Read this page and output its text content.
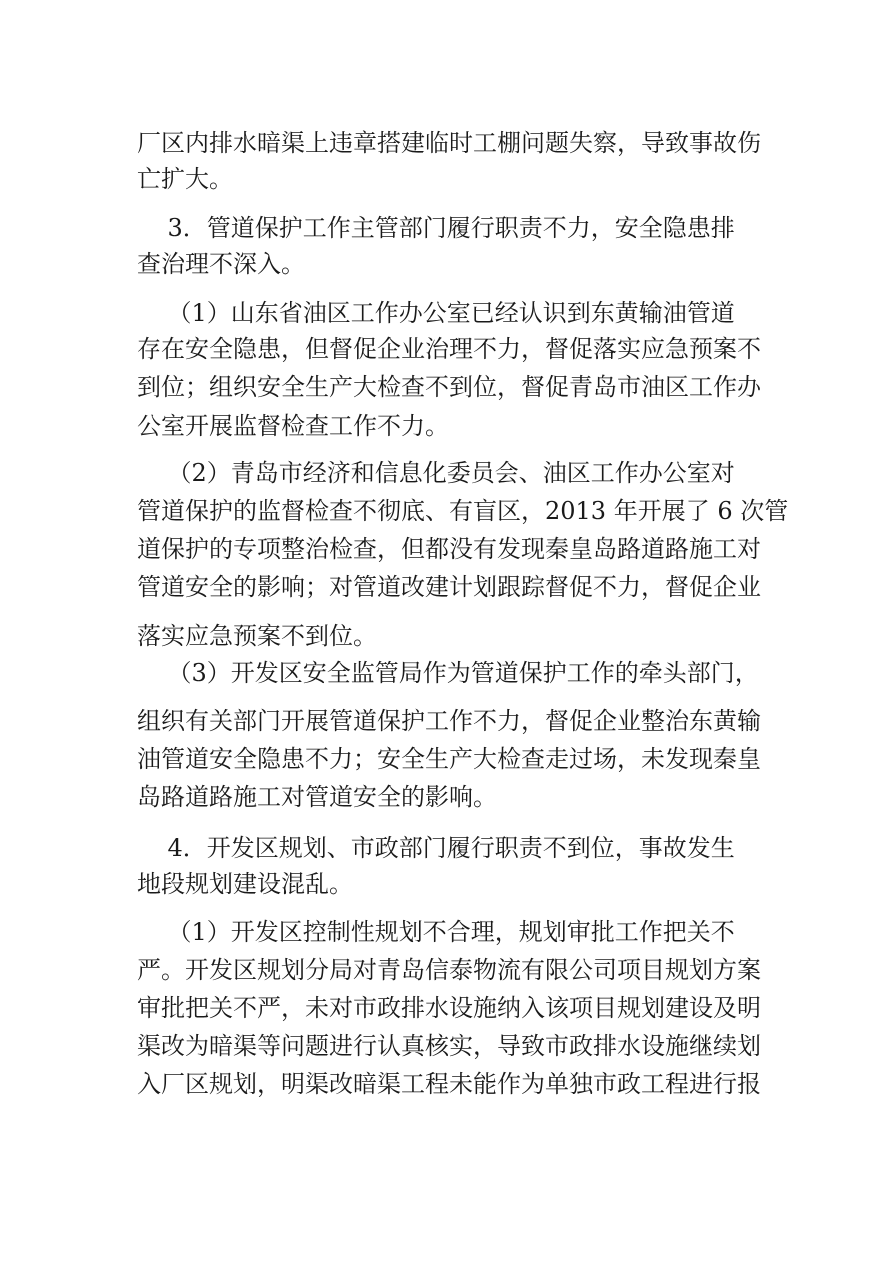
厂区内排水暗渠上违章搭建临时工棚问题失察，导致事故伤
亡扩大。
3．管道保护工作主管部门履行职责不力，安全隐患排
查治理不深入。
（1）山东省油区工作办公室已经认识到东黄输油管道
存在安全隐患，但督促企业治理不力，督促落实应急预案不
到位；组织安全生产大检查不到位，督促青岛市油区工作办
公室开展监督检查工作不力。
（2）青岛市经济和信息化委员会、油区工作办公室对
管道保护的监督检查不彻底、有盲区，2013 年开展了 6 次管
道保护的专项整治检查，但都没有发现秦皇岛路道路施工对
管道安全的影响；对管道改建计划跟踪督促不力，督促企业
落实应急预案不到位。
（3）开发区安全监管局作为管道保护工作的牵头部门，
组织有关部门开展管道保护工作不力，督促企业整治东黄输
油管道安全隐患不力；安全生产大检查走过场，未发现秦皇
岛路道路施工对管道安全的影响。
4．开发区规划、市政部门履行职责不到位，事故发生
地段规划建设混乱。
（1）开发区控制性规划不合理，规划审批工作把关不
严。开发区规划分局对青岛信泰物流有限公司项目规划方案
审批把关不严，未对市政排水设施纳入该项目规划建设及明
渠改为暗渠等问题进行认真核实，导致市政排水设施继续划
入厂区规划，明渠改暗渠工程未能作为单独市政工程进行报
